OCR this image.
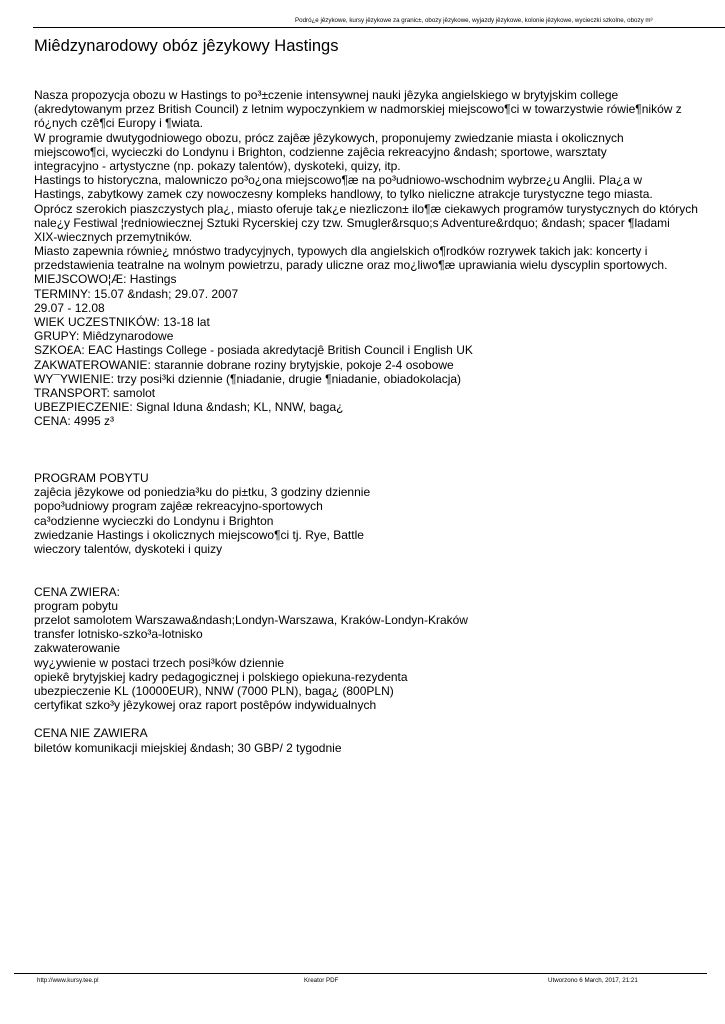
Podró¿e jêzykowe, kursy jêzykowe za granic±, obozy jêzykowe, wyjazdy jêzykowe, kolonie jêzykowe, wycieczki szkolne, obozy m³
Miêdzynarodowy obóz jêzykowy Hastings
Nasza propozycja obozu w Hastings to po³±czenie intensywnej nauki jêzyka angielskiego w brytyjskim college
(akredytowanym przez British Council) z letnim wypoczynkiem w nadmorskiej miejscowo¶ci w towarzystwie rówie¶ników z
ró¿nych czê¶ci Europy i ¶wiata.
W programie dwutygodniowego obozu, prócz zajêæ jêzykowych, proponujemy zwiedzanie miasta i okolicznych
miejscowo¶ci, wycieczki do Londynu i Brighton, codzienne zajêcia rekreacyjno &ndash; sportowe, warsztaty
integracyjno - artystyczne (np. pokazy talentów), dyskoteki, quizy, itp.
Hastings to historyczna, malowniczo po³o¿ona miejscowo¶æ na po³udniowo-wschodnim wybrze¿u Anglii. Pla¿a w
Hastings, zabytkowy zamek czy nowoczesny kompleks handlowy, to tylko nieliczne atrakcje turystyczne tego miasta.
Oprócz szerokich piaszczystych pla¿, miasto oferuje tak¿e niezliczon± ilo¶æ ciekawych programów turystycznych do których
nale¿y Festiwal ¦redniowiecznej Sztuki Rycerskiej czy tzw. Smugler&rsquo;s Adventure&rdquo; &ndash; spacer ¶ladami
XIX-wiecznych przemytników.
Miasto zapewnia równie¿ mnóstwo tradycyjnych, typowych dla angielskich o¶rodków rozrywek takich jak: koncerty i
przedstawienia teatralne na wolnym powietrzu, parady uliczne oraz mo¿liwo¶æ uprawiania wielu dyscyplin sportowych.
MIEJSCOWO¦Æ: Hastings
TERMINY: 15.07 &ndash; 29.07. 2007
29.07 - 12.08
WIEK UCZESTNIKÓW: 13-18 lat
GRUPY: Miêdzynarodowe
SZKO£A: EAC Hastings College - posiada akredytacjê British Council i English UK
ZAKWATEROWANIE: starannie dobrane roziny brytyjskie, pokoje 2-4 osobowe
WY¯YWIENIE: trzy posi³ki dziennie (¶niadanie, drugie ¶niadanie, obiadokolacja)
TRANSPORT: samolot
UBEZPIECZENIE: Signal Iduna &ndash; KL, NNW, baga¿
CENA: 4995 z³
PROGRAM POBYTU
zajêcia jêzykowe od poniedzia³ku do pi±tku, 3 godziny dziennie
popo³udniowy program zajêæ rekreacyjno-sportowych
ca³odzienne wycieczki do Londynu i Brighton
zwiedzanie Hastings i okolicznych miejscowo¶ci tj. Rye, Battle
wieczory talentów, dyskoteki i quizy
CENA ZWIERA:
program pobytu
przelot samolotem Warszawa&ndash;Londyn-Warszawa, Kraków-Londyn-Kraków
transfer lotnisko-szko³a-lotnisko
zakwaterowanie
wy¿ywienie w postaci trzech posi³ków dziennie
opiekê brytyjskiej kadry pedagogicznej i polskiego opiekuna-rezydenta
ubezpieczenie KL (10000EUR), NNW (7000 PLN), baga¿ (800PLN)
certyfikat szko³y jêzykowej oraz raport postêpów indywidualnych
CENA NIE ZAWIERA
biletów komunikacji miejskiej &ndash; 30 GBP/ 2 tygodnie
http://www.kursy.tee.pl	Kreator PDF	Utworzono 6 March, 2017, 21:21
